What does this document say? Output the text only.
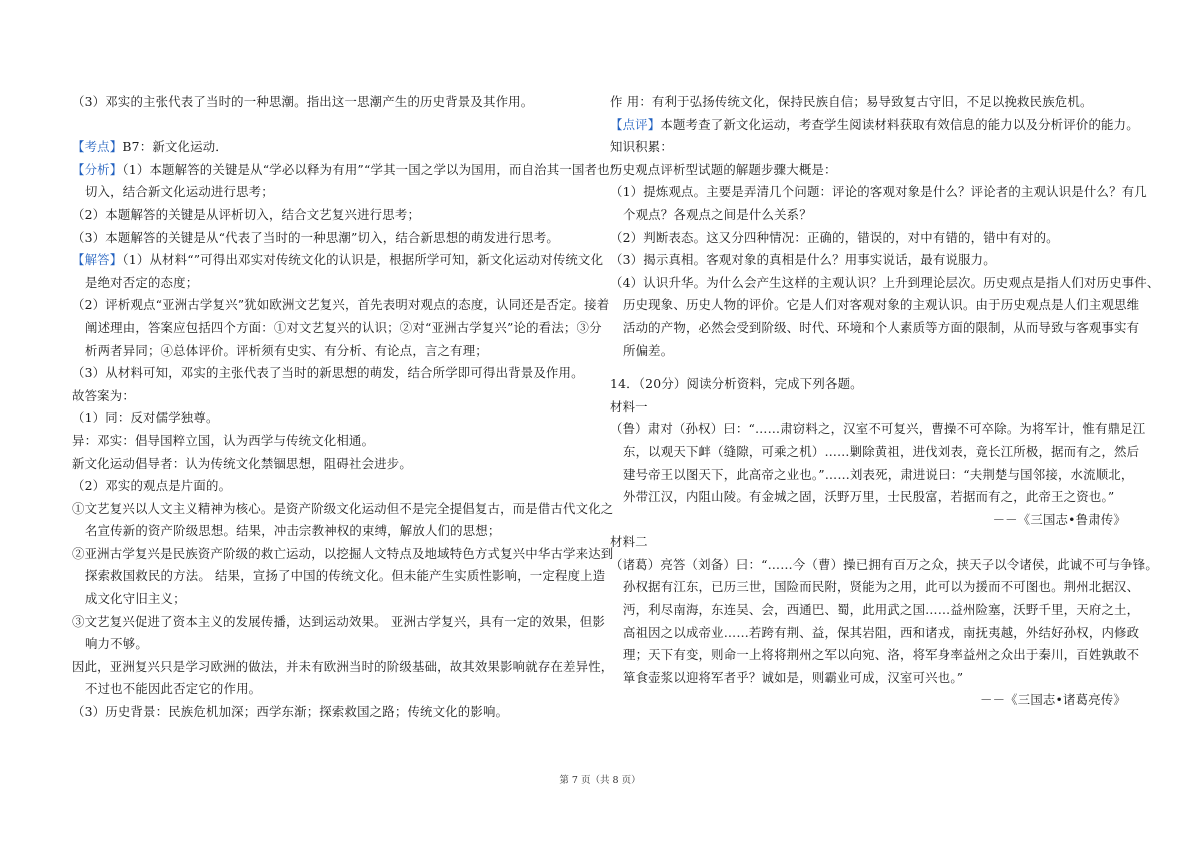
（3）邓实的主张代表了当时的一种思潮。指出这一思潮产生的历史背景及其作用。
【考点】B7：新文化运动．
【分析】（1）本题解答的关键是从“学必以释为有用”“学其一国之学以为国用，而自治其一国者也”
切入，结合新文化运动进行思考；
（2）本题解答的关键是从评析切入，结合文艺复兴进行思考；
（3）本题解答的关键是从“代表了当时的一种思潮”切入，结合新思想的萌发进行思考。
【解答】（1）从材料“”可得出邓实对传统文化的认识是，根据所学可知，新文化运动对传统文化
是绝对否定的态度；
（2）评析观点“亚洲古学复兴”犹如欧洲文艺复兴，首先表明对观点的态度，认同还是否定。接着
阐述理由，答案应包括四个方面：①对文艺复兴的认识；②对“亚洲古学复兴”论的看法；③分
析两者异同；④总体评价。评析须有史实、有分析、有论点，言之有理；
（3）从材料可知，邓实的主张代表了当时的新思想的萌发，结合所学即可得出背景及作用。
故答案为：
（1）同：反对儒学独尊。
异：邓实：倡导国粹立国，认为西学与传统文化相通。
新文化运动倡导者：认为传统文化禁锢思想，阻碍社会进步。
（2）邓实的观点是片面的。
①文艺复兴以人文主义精神为核心。是资产阶级文化运动但不是完全提倡复古，而是借古代文化之
名宣传新的资产阶级思想。结果，冲击宗教神权的束缚，解放人们的思想；
②亚洲古学复兴是民族资产阶级的救亡运动，以挖掘人文特点及地域特色方式复兴中华古学来达到
探索救国救民的方法。 结果，宣扬了中国的传统文化。但未能产生实质性影响，一定程度上造
成文化守旧主义；
③文艺复兴促进了资本主义的发展传播，达到运动效果。 亚洲古学复兴，具有一定的效果，但影
响力不够。
因此，亚洲复兴只是学习欧洲的做法，并未有欧洲当时的阶级基础，故其效果影响就存在差异性，
不过也不能因此否定它的作用。
（3）历史背景：民族危机加深；西学东渐；探索救国之路；传统文化的影响。
作 用：有利于弘扬传统文化，保持民族自信；易导致复古守旧，不足以挽救民族危机。
【点评】本题考查了新文化运动，考查学生阅读材料获取有效信息的能力以及分析评价的能力。
知识积累：
历史观点评析型试题的解题步骤大概是：
（1）提炼观点。主要是弄清几个问题：评论的客观对象是什么？评论者的主观认识是什么？有几
个观点？各观点之间是什么关系？
（2）判断表态。这又分四种情况：正确的，错误的，对中有错的，错中有对的。
（3）揭示真相。客观对象的真相是什么？用事实说话，最有说服力。
（4）认识升华。为什么会产生这样的主观认识？上升到理论层次。历史观点是指人们对历史事件、
历史现象、历史人物的评价。它是人们对客观对象的主观认识。由于历史观点是人们主观思维
活动的产物，必然会受到阶级、时代、环境和个人素质等方面的限制，从而导致与客观事实有
所偏差。
14．（20分）阅读分析资料，完成下列各题。
材料一
（鲁）肃对（孙权）曰：“……肃窃料之，汉室不可复兴，曹操不可卒除。为将军计，惟有鼎足江
东，以观天下衅（缝隙，可乘之机）……剿除黄祖，进伐刘表，竟长江所极，据而有之，然后
建号帝王以图天下，此高帝之业也。”……刘表死，肃进说曰：“夫荆楚与国邻接，水流顺北，
外带江汉，内阻山陵。有金城之固，沃野万里，士民殷富，若据而有之，此帝王之资也。”
－－《三国志•鲁肃传》
材料二
（诸葛）亮答（刘备）曰：“……今（曹）操已拥有百万之众，挟天子以令诸侯，此诚不可与争锋。
孙权据有江东，已历三世，国险而民附，贤能为之用，此可以为援而不可图也。荆州北据汉、
沔，利尽南海，东连吴、会，西通巴、蜀，此用武之国……益州险塞，沃野千里，天府之土，
高祖因之以成帝业……若跨有荆、益，保其岩阻，西和诸戎，南抚夷越，外结好孙权，内修政
理；天下有变，则命一上将将荆州之军以向宛、洛，将军身率益州之众出于秦川，百姓孰敢不
箪食壶浆以迎将军者乎？诚如是，则霸业可成，汉室可兴也。”
－－《三国志•诸葛亮传》
第 7 页（共 8 页）
